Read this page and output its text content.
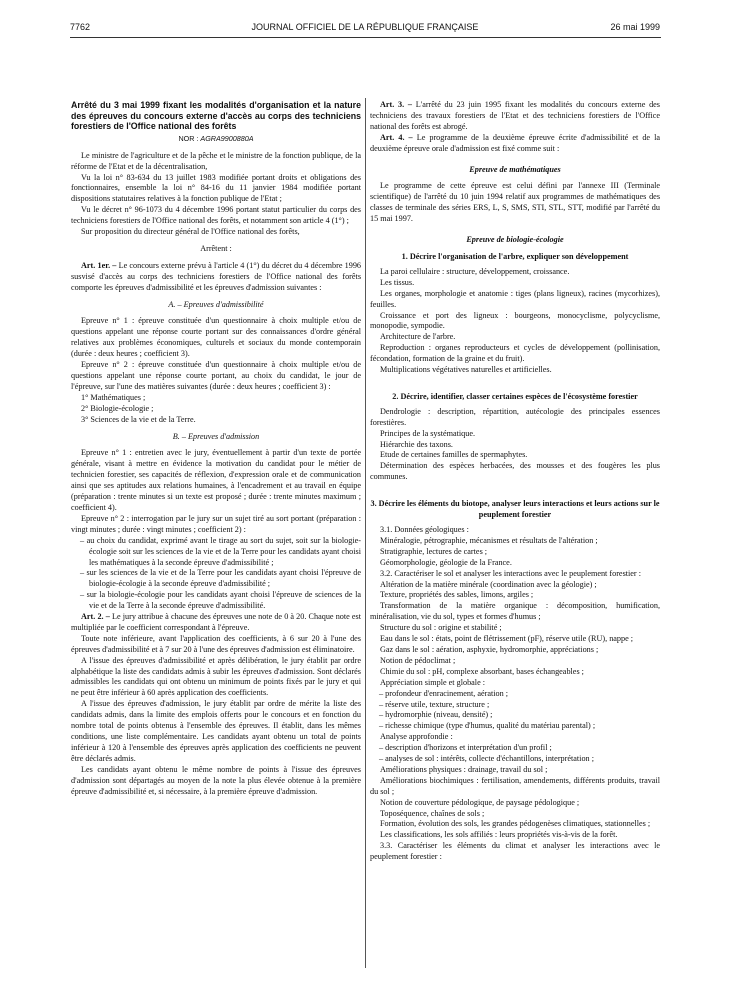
7762	JOURNAL OFFICIEL DE LA RÉPUBLIQUE FRANÇAISE	26 mai 1999

Arrêté du 3 mai 1999 fixant les modalités d'organisation et la nature des épreuves du concours externe d'accès au corps des techniciens forestiers de l'Office national des forêts

NOR : AGRA9900880A

Le ministre de l'agriculture et de la pêche et le ministre de la fonction publique, de la réforme de l'Etat et de la décentralisation,

Vu la loi n° 83-634 du 13 juillet 1983 modifiée portant droits et obligations des fonctionnaires, ensemble la loi n° 84-16 du 11 janvier 1984 modifiée portant dispositions statutaires relatives à la fonction publique de l'Etat ;

Vu le décret n° 96-1073 du 4 décembre 1996 portant statut particulier du corps des techniciens forestiers de l'Office national des forêts, et notamment son article 4 (1°) ;

Sur proposition du directeur général de l'Office national des forêts,

Arrêtent :

Art. 1er. – Le concours externe prévu à l'article 4 (1°) du décret du 4 décembre 1996 susvisé d'accès au corps des techniciens forestiers de l'Office national des forêts comporte les épreuves d'admissibilité et les épreuves d'admission suivantes :

A. – Epreuves d'admissibilité

Epreuve n° 1 : épreuve constituée d'un questionnaire à choix multiple et/ou de questions appelant une réponse courte portant sur des connaissances d'ordre général relatives aux problèmes économiques, culturels et sociaux du monde contemporain (durée : deux heures ; coefficient 3).

Epreuve n° 2 : épreuve constituée d'un questionnaire à choix multiple et/ou de questions appelant une réponse courte portant, au choix du candidat, le jour de l'épreuve, sur l'une des matières suivantes (durée : deux heures ; coefficient 3) :

1° Mathématiques ;

2° Biologie-écologie ;

3° Sciences de la vie et de la Terre.

B. – Epreuves d'admission

Epreuve n° 1 : entretien avec le jury, éventuellement à partir d'un texte de portée générale, visant à mettre en évidence la motivation du candidat pour le métier de technicien forestier, ses capacités de réflexion, d'expression orale et de communication ainsi que ses aptitudes aux relations humaines, à l'encadrement et au travail en équipe (préparation : trente minutes si un texte est proposé ; durée : trente minutes maximum ; coefficient 4).

Epreuve n° 2 : interrogation par le jury sur un sujet tiré au sort portant (préparation : vingt minutes ; durée : vingt minutes ; coefficient 2) :

– au choix du candidat, exprimé avant le tirage au sort du sujet, soit sur la biologie-écologie soit sur les sciences de la vie et de la Terre pour les candidats ayant choisi les mathématiques à la seconde épreuve d'admissibilité ;

– sur les sciences de la vie et de la Terre pour les candidats ayant choisi l'épreuve de biologie-écologie à la seconde épreuve d'admissibilité ;

– sur la biologie-écologie pour les candidats ayant choisi l'épreuve de sciences de la vie et de la Terre à la seconde épreuve d'admissibilité.

Art. 2. – Le jury attribue à chacune des épreuves une note de 0 à 20. Chaque note est multipliée par le coefficient correspondant à l'épreuve.

Toute note inférieure, avant l'application des coefficients, à 6 sur 20 à l'une des épreuves d'admissibilité et à 7 sur 20 à l'une des épreuves d'admission est éliminatoire.

A l'issue des épreuves d'admissibilité et après délibération, le jury établit par ordre alphabétique la liste des candidats admis à subir les épreuves d'admission. Sont déclarés admissibles les candidats qui ont obtenu un minimum de points fixés par le jury et qui ne peut être inférieur à 60 après application des coefficients.

A l'issue des épreuves d'admission, le jury établit par ordre de mérite la liste des candidats admis, dans la limite des emplois offerts pour le concours et en fonction du nombre total de points obtenus à l'ensemble des épreuves. Il établit, dans les mêmes conditions, une liste complémentaire. Les candidats ayant obtenu un total de points inférieur à 120 à l'ensemble des épreuves après application des coefficients ne peuvent être déclarés admis.

Les candidats ayant obtenu le même nombre de points à l'issue des épreuves d'admission sont départagés au moyen de la note la plus élevée obtenue à la première épreuve d'admissibilité et, si nécessaire, à la première épreuve d'admission.

Art. 3. – L'arrêté du 23 juin 1995 fixant les modalités du concours externe des techniciens des travaux forestiers de l'Etat et des techniciens forestiers de l'Office national des forêts est abrogé.

Art. 4. – Le programme de la deuxième épreuve écrite d'admissibilité et de la deuxième épreuve orale d'admission est fixé comme suit :

Epreuve de mathématiques

Le programme de cette épreuve est celui défini par l'annexe III (Terminale scientifique) de l'arrêté du 10 juin 1994 relatif aux programmes de mathématiques des classes de terminale des séries ERS, L, S, SMS, STI, STL, STT, modifié par l'arrêté du 15 mai 1997.

Epreuve de biologie-écologie

1. Décrire l'organisation de l'arbre, expliquer son développement

La paroi cellulaire : structure, développement, croissance.

Les tissus.

Les organes, morphologie et anatomie : tiges (plans ligneux), racines (mycorhizes), feuilles.

Croissance et port des ligneux : bourgeons, monocyclisme, polycyclisme, monopodie, sympodie.

Architecture de l'arbre.

Reproduction : organes reproducteurs et cycles de développement (pollinisation, fécondation, formation de la graine et du fruit).

Multiplications végétatives naturelles et artificielles.

2. Décrire, identifier, classer certaines espèces de l'écosystème forestier

Dendrologie : description, répartition, autécologie des principales essences forestières.

Principes de la systématique.

Hiérarchie des taxons.

Etude de certaines familles de spermaphytes.

Détermination des espèces herbacées, des mousses et des fougères les plus communes.

3. Décrire les éléments du biotope, analyser leurs interactions et leurs actions sur le peuplement forestier

3.1. Données géologiques :

Minéralogie, pétrographie, mécanismes et résultats de l'altération ;

Stratigraphie, lectures de cartes ;

Géomorphologie, géologie de la France.

3.2. Caractériser le sol et analyser les interactions avec le peuplement forestier :

Altération de la matière minérale (coordination avec la géologie) ;

Texture, propriétés des sables, limons, argiles ;

Transformation de la matière organique : décomposition, humification, minéralisation, vie du sol, types et formes d'humus ;

Structure du sol : origine et stabilité ;

Eau dans le sol : états, point de flétrissement (pF), réserve utile (RU), nappe ;

Gaz dans le sol : aération, asphyxie, hydromorphie, appréciations ;

Notion de pédoclimat ;

Chimie du sol : pH, complexe absorbant, bases échangeables ;

Appréciation simple et globale :

– profondeur d'enracinement, aération ;

– réserve utile, texture, structure ;

– hydromorphie (niveau, densité) ;

– richesse chimique (type d'humus, qualité du matériau parental) ;

Analyse approfondie :

– description d'horizons et interprétation d'un profil ;

– analyses de sol : intérêts, collecte d'échantillons, interprétation ;

Améliorations physiques : drainage, travail du sol ;

Améliorations biochimiques : fertilisation, amendements, différents produits, travail du sol ;

Notion de couverture pédologique, de paysage pédologique ;

Toposéquence, chaînes de sols ;

Formation, évolution des sols, les grandes pédogenèses climatiques, stationnelles ;

Les classifications, les sols affiliés : leurs propriétés vis-à-vis de la forêt.

3.3. Caractériser les éléments du climat et analyser les interactions avec le peuplement forestier :
